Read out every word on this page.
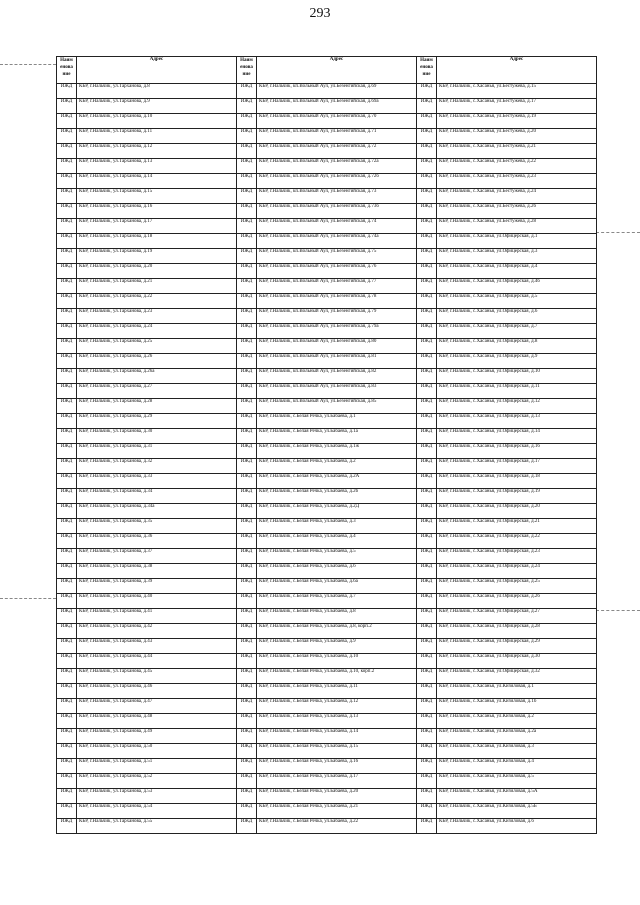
293
Наим
енова
ние	Адрес	Наим
енова
ние	Адрес	Наим
енова
ние	Адрес
ИЖД	КБР, г.Нальчик, ул.Тарханова, д.8	ИЖД	КБР, г.Нальчик, кп.Вольный Аул, ул.Безенгийская, д.69	ИЖД	КБР, г.Нальчик, с.Хасанья, ул.Бестужева, д.15
ИЖД	КБР, г.Нальчик, ул.Тарханова, д.9	ИЖД	КБР, г.Нальчик, кп.Вольный Аул, ул.Безенгийская, д.69а	ИЖД	КБР, г.Нальчик, с.Хасанья, ул.Бестужева, д.17
ИЖД	КБР, г.Нальчик, ул.Тарханова, д.10	ИЖД	КБР, г.Нальчик, кп.Вольный Аул, ул.Безенгийская, д.70	ИЖД	КБР, г.Нальчик, с.Хасанья, ул.Бестужева, д.19
ИЖД	КБР, г.Нальчик, ул.Тарханова, д.11	ИЖД	КБР, г.Нальчик, кп.Вольный Аул, ул.Безенгийская, д.71	ИЖД	КБР, г.Нальчик, с.Хасанья, ул.Бестужева, д.20
ИЖД	КБР, г.Нальчик, ул.Тарханова, д.12	ИЖД	КБР, г.Нальчик, кп.Вольный Аул, ул.Безенгийская, д.72	ИЖД	КБР, г.Нальчик, с.Хасанья, ул.Бестужева, д.21
ИЖД	КБР, г.Нальчик, ул.Тарханова, д.13	ИЖД	КБР, г.Нальчик, кп.Вольный Аул, ул.Безенгийская, д.72а	ИЖД	КБР, г.Нальчик, с.Хасанья, ул.Бестужева, д.22
ИЖД	КБР, г.Нальчик, ул.Тарханова, д.14	ИЖД	КБР, г.Нальчик, кп.Вольный Аул, ул.Безенгийская, д.72б	ИЖД	КБР, г.Нальчик, с.Хасанья, ул.Бестужева, д.23
ИЖД	КБР, г.Нальчик, ул.Тарханова, д.15	ИЖД	КБР, г.Нальчик, кп.Вольный Аул, ул.Безенгийская, д.73	ИЖД	КБР, г.Нальчик, с.Хасанья, ул.Бестужева, д.24
ИЖД	КБР, г.Нальчик, ул.Тарханова, д.16	ИЖД	КБР, г.Нальчик, кп.Вольный Аул, ул.Безенгийская, д.73б	ИЖД	КБР, г.Нальчик, с.Хасанья, ул.Бестужева, д.26
ИЖД	КБР, г.Нальчик, ул.Тарханова, д.17	ИЖД	КБР, г.Нальчик, кп.Вольный Аул, ул.Безенгийская, д.74	ИЖД	КБР, г.Нальчик, с.Хасанья, ул.Бестужева, д.28
ИЖД	КБР, г.Нальчик, ул.Тарханова, д.18	ИЖД	КБР, г.Нальчик, кп.Вольный Аул, ул.Безенгийская, д.74а	ИЖД	КБР, г.Нальчик, с.Хасанья, ул.Офицерская, д.1
ИЖД	КБР, г.Нальчик, ул.Тарханова, д.19	ИЖД	КБР, г.Нальчик, кп.Вольный Аул, ул.Безенгийская, д.75	ИЖД	КБР, г.Нальчик, с.Хасанья, ул.Офицерская, д.3
ИЖД	КБР, г.Нальчик, ул.Тарханова, д.20	ИЖД	КБР, г.Нальчик, кп.Вольный Аул, ул.Безенгийская, д.76	ИЖД	КБР, г.Нальчик, с.Хасанья, ул.Офицерская, д.4
ИЖД	КБР, г.Нальчик, ул.Тарханова, д.21	ИЖД	КБР, г.Нальчик, кп.Вольный Аул, ул.Безенгийская, д.77	ИЖД	КБР, г.Нальчик, с.Хасанья, ул.Офицерская, д.4б
ИЖД	КБР, г.Нальчик, ул.Тарханова, д.22	ИЖД	КБР, г.Нальчик, кп.Вольный Аул, ул.Безенгийская, д.78	ИЖД	КБР, г.Нальчик, с.Хасанья, ул.Офицерская, д.5
ИЖД	КБР, г.Нальчик, ул.Тарханова, д.23	ИЖД	КБР, г.Нальчик, кп.Вольный Аул, ул.Безенгийская, д.79	ИЖД	КБР, г.Нальчик, с.Хасанья, ул.Офицерская, д.6
ИЖД	КБР, г.Нальчик, ул.Тарханова, д.24	ИЖД	КБР, г.Нальчик, кп.Вольный Аул, ул.Безенгийская, д.79а	ИЖД	КБР, г.Нальчик, с.Хасанья, ул.Офицерская, д.7
ИЖД	КБР, г.Нальчик, ул.Тарханова, д.25	ИЖД	КБР, г.Нальчик, кп.Вольный Аул, ул.Безенгийская, д.80	ИЖД	КБР, г.Нальчик, с.Хасанья, ул.Офицерская, д.8
ИЖД	КБР, г.Нальчик, ул.Тарханова, д.26	ИЖД	КБР, г.Нальчик, кп.Вольный Аул, ул.Безенгийская, д.81	ИЖД	КБР, г.Нальчик, с.Хасанья, ул.Офицерская, д.9
ИЖД	КБР, г.Нальчик, ул.Тарханова, д.26а	ИЖД	КБР, г.Нальчик, кп.Вольный Аул, ул.Безенгийская, д.82	ИЖД	КБР, г.Нальчик, с.Хасанья, ул.Офицерская, д.10
ИЖД	КБР, г.Нальчик, ул.Тарханова, д.27	ИЖД	КБР, г.Нальчик, кп.Вольный Аул, ул.Безенгийская, д.83	ИЖД	КБР, г.Нальчик, с.Хасанья, ул.Офицерская, д.11
ИЖД	КБР, г.Нальчик, ул.Тарханова, д.28	ИЖД	КБР, г.Нальчик, кп.Вольный Аул, ул.Безенгийская, д.85	ИЖД	КБР, г.Нальчик, с.Хасанья, ул.Офицерская, д.12
ИЖД	КБР, г.Нальчик, ул.Тарханова, д.29	ИЖД	КБР, г.Нальчик, с.Белая Речка, ул.Бабаева, д.1	ИЖД	КБР, г.Нальчик, с.Хасанья, ул.Офицерская, д.13
ИЖД	КБР, г.Нальчик, ул.Тарханова, д.30	ИЖД	КБР, г.Нальчик, с.Белая Речка, ул.Бабаева, д.1а	ИЖД	КБР, г.Нальчик, с.Хасанья, ул.Офицерская, д.14
ИЖД	КБР, г.Нальчик, ул.Тарханова, д.31	ИЖД	КБР, г.Нальчик, с.Белая Речка, ул.Бабаева, д.1ж	ИЖД	КБР, г.Нальчик, с.Хасанья, ул.Офицерская, д.16
ИЖД	КБР, г.Нальчик, ул.Тарханова, д.32	ИЖД	КБР, г.Нальчик, с.Белая Речка, ул.Бабаева, д.2	ИЖД	КБР, г.Нальчик, с.Хасанья, ул.Офицерская, д.17
ИЖД	КБР, г.Нальчик, ул.Тарханова, д.33	ИЖД	КБР, г.Нальчик, с.Белая Речка, ул.Бабаева, д.2А	ИЖД	КБР, г.Нальчик, с.Хасанья, ул.Офицерская, д.18
ИЖД	КБР, г.Нальчик, ул.Тарханова, д.34	ИЖД	КБР, г.Нальчик, с.Белая Речка, ул.Бабаева, д.2б	ИЖД	КБР, г.Нальчик, с.Хасанья, ул.Офицерская, д.19
ИЖД	КБР, г.Нальчик, ул.Тарханова, д.34а	ИЖД	КБР, г.Нальчик, с.Белая Речка, ул.Бабаева, д.2Д	ИЖД	КБР, г.Нальчик, с.Хасанья, ул.Офицерская, д.20
ИЖД	КБР, г.Нальчик, ул.Тарханова, д.35	ИЖД	КБР, г.Нальчик, с.Белая Речка, ул.Бабаева, д.3	ИЖД	КБР, г.Нальчик, с.Хасанья, ул.Офицерская, д.21
ИЖД	КБР, г.Нальчик, ул.Тарханова, д.36	ИЖД	КБР, г.Нальчик, с.Белая Речка, ул.Бабаева, д.4	ИЖД	КБР, г.Нальчик, с.Хасанья, ул.Офицерская, д.22
ИЖД	КБР, г.Нальчик, ул.Тарханова, д.37	ИЖД	КБР, г.Нальчик, с.Белая Речка, ул.Бабаева, д.5	ИЖД	КБР, г.Нальчик, с.Хасанья, ул.Офицерская, д.23
ИЖД	КБР, г.Нальчик, ул.Тарханова, д.38	ИЖД	КБР, г.Нальчик, с.Белая Речка, ул.Бабаева, д.6	ИЖД	КБР, г.Нальчик, с.Хасанья, ул.Офицерская, д.24
ИЖД	КБР, г.Нальчик, ул.Тарханова, д.39	ИЖД	КБР, г.Нальчик, с.Белая Речка, ул.Бабаева, д.6а	ИЖД	КБР, г.Нальчик, с.Хасанья, ул.Офицерская, д.25
ИЖД	КБР, г.Нальчик, ул.Тарханова, д.40	ИЖД	КБР, г.Нальчик, с.Белая Речка, ул.Бабаева, д.7	ИЖД	КБР, г.Нальчик, с.Хасанья, ул.Офицерская, д.26
ИЖД	КБР, г.Нальчик, ул.Тарханова, д.41	ИЖД	КБР, г.Нальчик, с.Белая Речка, ул.Бабаева, д.8	ИЖД	КБР, г.Нальчик, с.Хасанья, ул.Офицерская, д.27
ИЖД	КБР, г.Нальчик, ул.Тарханова, д.42	ИЖД	КБР, г.Нальчик, с.Белая Речка, ул.Бабаева, д.8, корп.2	ИЖД	КБР, г.Нальчик, с.Хасанья, ул.Офицерская, д.28
ИЖД	КБР, г.Нальчик, ул.Тарханова, д.43	ИЖД	КБР, г.Нальчик, с.Белая Речка, ул.Бабаева, д.9	ИЖД	КБР, г.Нальчик, с.Хасанья, ул.Офицерская, д.29
ИЖД	КБР, г.Нальчик, ул.Тарханова, д.44	ИЖД	КБР, г.Нальчик, с.Белая Речка, ул.Бабаева, д.10	ИЖД	КБР, г.Нальчик, с.Хасанья, ул.Офицерская, д.30
ИЖД	КБР, г.Нальчик, ул.Тарханова, д.45	ИЖД	КБР, г.Нальчик, с.Белая Речка, ул.Бабаева, д.10, корп.2	ИЖД	КБР, г.Нальчик, с.Хасанья, ул.Офицерская, д.32
ИЖД	КБР, г.Нальчик, ул.Тарханова, д.46	ИЖД	КБР, г.Нальчик, с.Белая Речка, ул.Бабаева, д.11	ИЖД	КБР, г.Нальчик, с.Хасанья, ул.Кизиловая, д.1
ИЖД	КБР, г.Нальчик, ул.Тарханова, д.47	ИЖД	КБР, г.Нальчик, с.Белая Речка, ул.Бабаева, д.12	ИЖД	КБР, г.Нальчик, с.Хасанья, ул.Кизиловая, д.1б
ИЖД	КБР, г.Нальчик, ул.Тарханова, д.48	ИЖД	КБР, г.Нальчик, с.Белая Речка, ул.Бабаева, д.13	ИЖД	КБР, г.Нальчик, с.Хасанья, ул.Кизиловая, д.2
ИЖД	КБР, г.Нальчик, ул.Тарханова, д.49	ИЖД	КБР, г.Нальчик, с.Белая Речка, ул.Бабаева, д.14	ИЖД	КБР, г.Нальчик, с.Хасанья, ул.Кизиловая, д.2а
ИЖД	КБР, г.Нальчик, ул.Тарханова, д.50	ИЖД	КБР, г.Нальчик, с.Белая Речка, ул.Бабаева, д.15	ИЖД	КБР, г.Нальчик, с.Хасанья, ул.Кизиловая, д.3
ИЖД	КБР, г.Нальчик, ул.Тарханова, д.51	ИЖД	КБР, г.Нальчик, с.Белая Речка, ул.Бабаева, д.16	ИЖД	КБР, г.Нальчик, с.Хасанья, ул.Кизиловая, д.4
ИЖД	КБР, г.Нальчик, ул.Тарханова, д.52	ИЖД	КБР, г.Нальчик, с.Белая Речка, ул.Бабаева, д.17	ИЖД	КБР, г.Нальчик, с.Хасанья, ул.Кизиловая, д.5
ИЖД	КБР, г.Нальчик, ул.Тарханова, д.53	ИЖД	КБР, г.Нальчик, с.Белая Речка, ул.Бабаева, д.20	ИЖД	КБР, г.Нальчик, с.Хасанья, ул.Кизиловая, д.5А
ИЖД	КБР, г.Нальчик, ул.Тарханова, д.54	ИЖД	КБР, г.Нальчик, с.Белая Речка, ул.Бабаева, д.21	ИЖД	КБР, г.Нальчик, с.Хасанья, ул.Кизиловая, д.5Б
ИЖД	КБР, г.Нальчик, ул.Тарханова, д.55	ИЖД	КБР, г.Нальчик, с.Белая Речка, ул.Бабаева, д.22	ИЖД	КБР, г.Нальчик, с.Хасанья, ул.Кизиловая, д.6
